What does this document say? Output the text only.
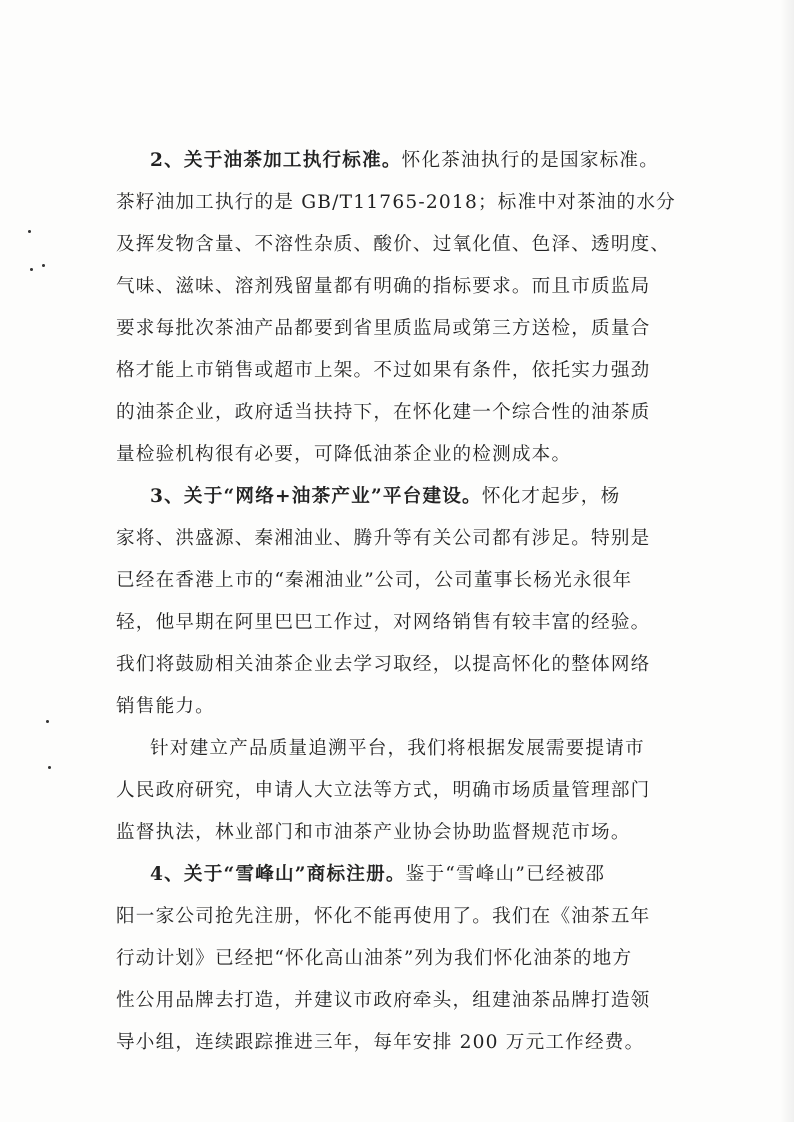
2、关于油茶加工执行标准。怀化茶油执行的是国家标准。
茶籽油加工执行的是 GB/T11765-2018；标准中对茶油的水分
及挥发物含量、不溶性杂质、酸价、过氧化值、色泽、透明度、
气味、滋味、溶剂残留量都有明确的指标要求。而且市质监局
要求每批次茶油产品都要到省里质监局或第三方送检，质量合
格才能上市销售或超市上架。不过如果有条件，依托实力强劲
的油茶企业，政府适当扶持下，在怀化建一个综合性的油茶质
量检验机构很有必要，可降低油茶企业的检测成本。
3、关于“网络+油茶产业”平台建设。怀化才起步，杨
家将、洪盛源、秦湘油业、腾升等有关公司都有涉足。特别是
已经在香港上市的“秦湘油业”公司，公司董事长杨光永很年
轻，他早期在阿里巴巴工作过，对网络销售有较丰富的经验。
我们将鼓励相关油茶企业去学习取经，以提高怀化的整体网络
销售能力。
针对建立产品质量追溯平台，我们将根据发展需要提请市
人民政府研究，申请人大立法等方式，明确市场质量管理部门
监督执法，林业部门和市油茶产业协会协助监督规范市场。
4、关于“雪峰山”商标注册。鉴于“雪峰山”已经被邵
阳一家公司抢先注册，怀化不能再使用了。我们在《油茶五年
行动计划》已经把“怀化高山油茶”列为我们怀化油茶的地方
性公用品牌去打造，并建议市政府牵头，组建油茶品牌打造领
导小组，连续跟踪推进三年，每年安排 200 万元工作经费。
